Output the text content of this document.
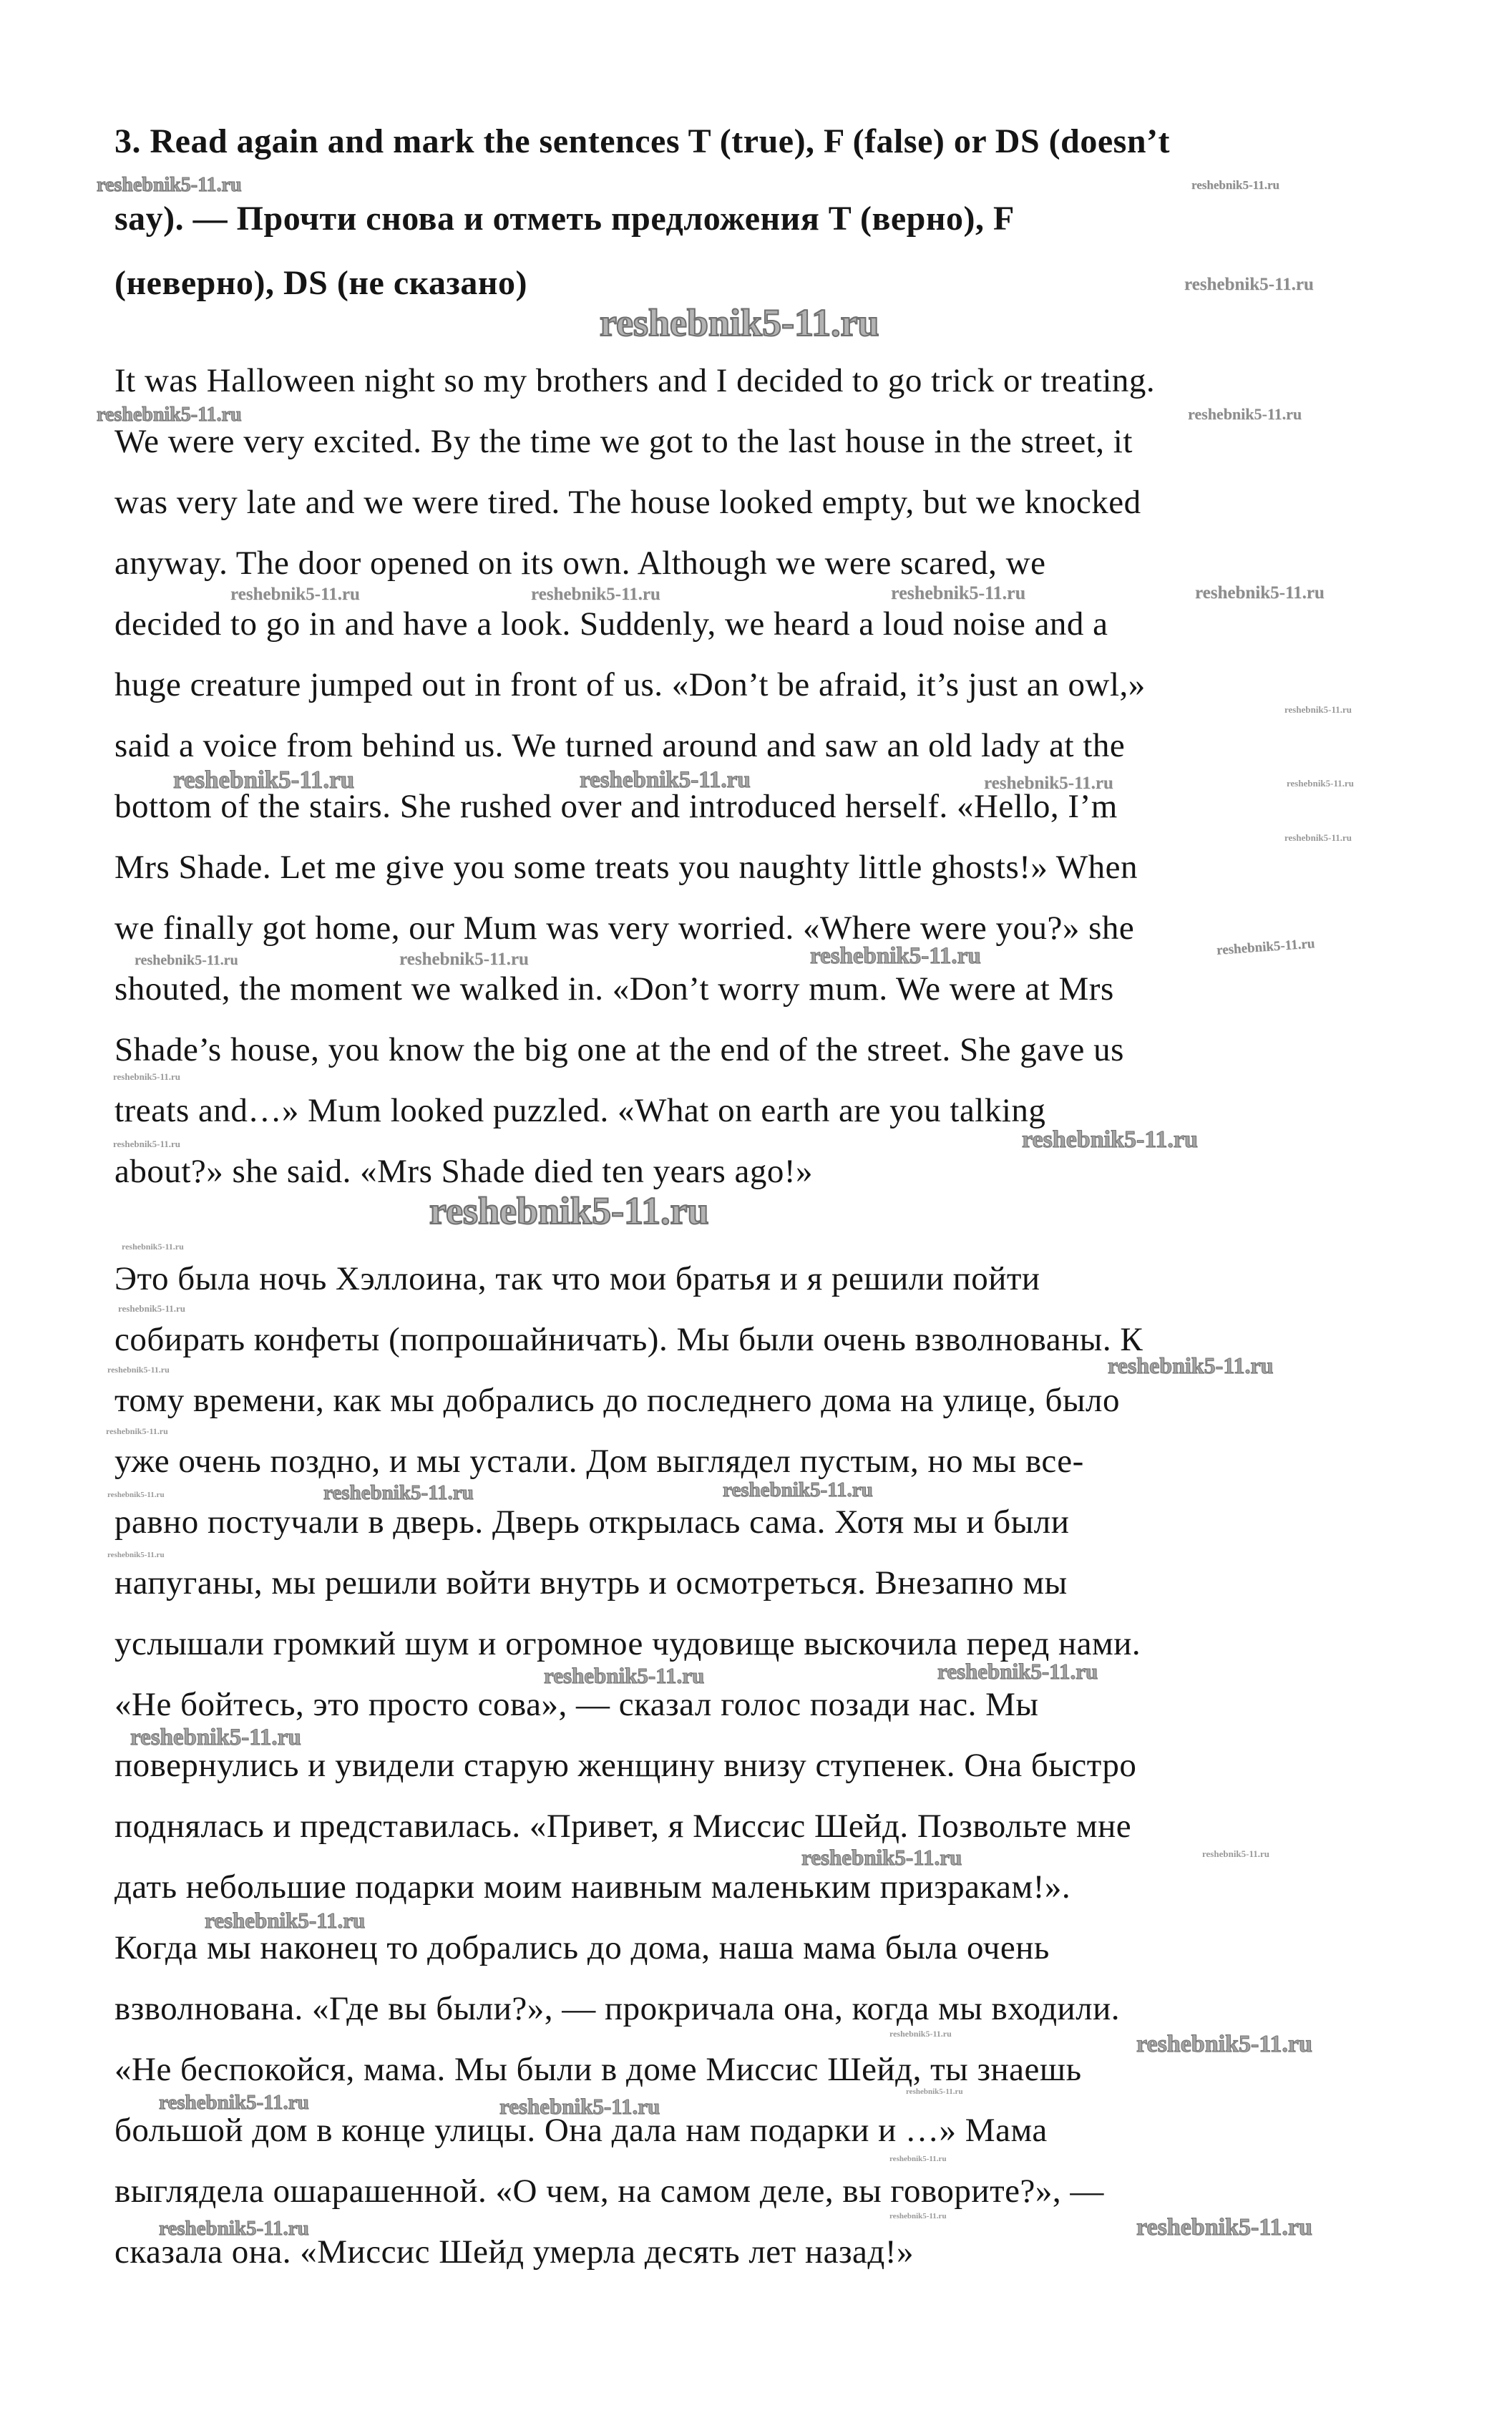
reshebnik5-11.ru	reshebnik5-11.ru
reshebnik5-11.ru
reshebnik5-11.ru
reshebnik5-11.ru	reshebnik5-11.ru
reshebnik5-11.ru	reshebnik5-11.ru	reshebnik5-11.ru	reshebnik5-11.ru
reshebnik5-11.ru
reshebnik5-11.ru	reshebnik5-11.ru	reshebnik5-11.ru	reshebnik5-11.ru
reshebnik5-11.ru
reshebnik5-11.ru	reshebnik5-11.ru	reshebnik5-11.ru	reshebnik5-11.ru
reshebnik5-11.ru
reshebnik5-11.ru
reshebnik5-11.ru
reshebnik5-11.ru
reshebnik5-11.ru
reshebnik5-11.ru
reshebnik5-11.ru
reshebnik5-11.ru
reshebnik5-11.ru
reshebnik5-11.ru	reshebnik5-11.ru
reshebnik5-11.ru
reshebnik5-11.ru
reshebnik5-11.ru	reshebnik5-11.ru
reshebnik5-11.ru
reshebnik5-11.ru	reshebnik5-11.ru
reshebnik5-11.ru
reshebnik5-11.ru	reshebnik5-11.ru
reshebnik5-11.ru	reshebnik5-11.ru
reshebnik5-11.ru
reshebnik5-11.ru
reshebnik5-11.ru
reshebnik5-11.ru	reshebnik5-11.ru
3. Read again and mark the sentences T (true), F (false) or DS (doesn’t
say). — Прочти снова и отметь предложения T (верно), F
(неверно), DS (не сказано)
It was Halloween night so my brothers and I decided to go trick or treating.
We were very excited. By the time we got to the last house in the street, it
was very late and we were tired. The house looked empty, but we knocked
anyway. The door opened on its own. Although we were scared, we
decided to go in and have a look. Suddenly, we heard a loud noise and a
huge creature jumped out in front of us. «Don’t be afraid, it’s just an owl,»
said a voice from behind us. We turned around and saw an old lady at the
bottom of the stairs. She rushed over and introduced herself. «Hello, I’m
Mrs Shade. Let me give you some treats you naughty little ghosts!» When
we finally got home, our Mum was very worried. «Where were you?» she
shouted, the moment we walked in. «Don’t worry mum. We were at Mrs
Shade’s house, you know the big one at the end of the street. She gave us
treats and…» Mum looked puzzled. «What on earth are you talking
about?» she said. «Mrs Shade died ten years ago!»
Это была ночь Хэллоина, так что мои братья и я решили пойти
собирать конфеты (попрошайничать). Мы были очень взволнованы. К
тому времени, как мы добрались до последнего дома на улице, было
уже очень поздно, и мы устали. Дом выглядел пустым, но мы все-
равно постучали в дверь. Дверь открылась сама. Хотя мы и были
напуганы, мы решили войти внутрь и осмотреться. Внезапно мы
услышали громкий шум и огромное чудовище выскочила перед нами.
«Не бойтесь, это просто сова», — сказал голос позади нас. Мы
повернулись и увидели старую женщину внизу ступенек. Она быстро
поднялась и представилась. «Привет, я Миссис Шейд. Позвольте мне
дать небольшие подарки моим наивным маленьким призракам!».
Когда мы наконец то добрались до дома, наша мама была очень
взволнована. «Где вы были?», — прокричала она, когда мы входили.
«Не беспокойся, мама. Мы были в доме Миссис Шейд, ты знаешь
большой дом в конце улицы. Она дала нам подарки и …» Мама
выглядела ошарашенной. «О чем, на самом деле, вы говорите?», —
сказала она. «Миссис Шейд умерла десять лет назад!»
